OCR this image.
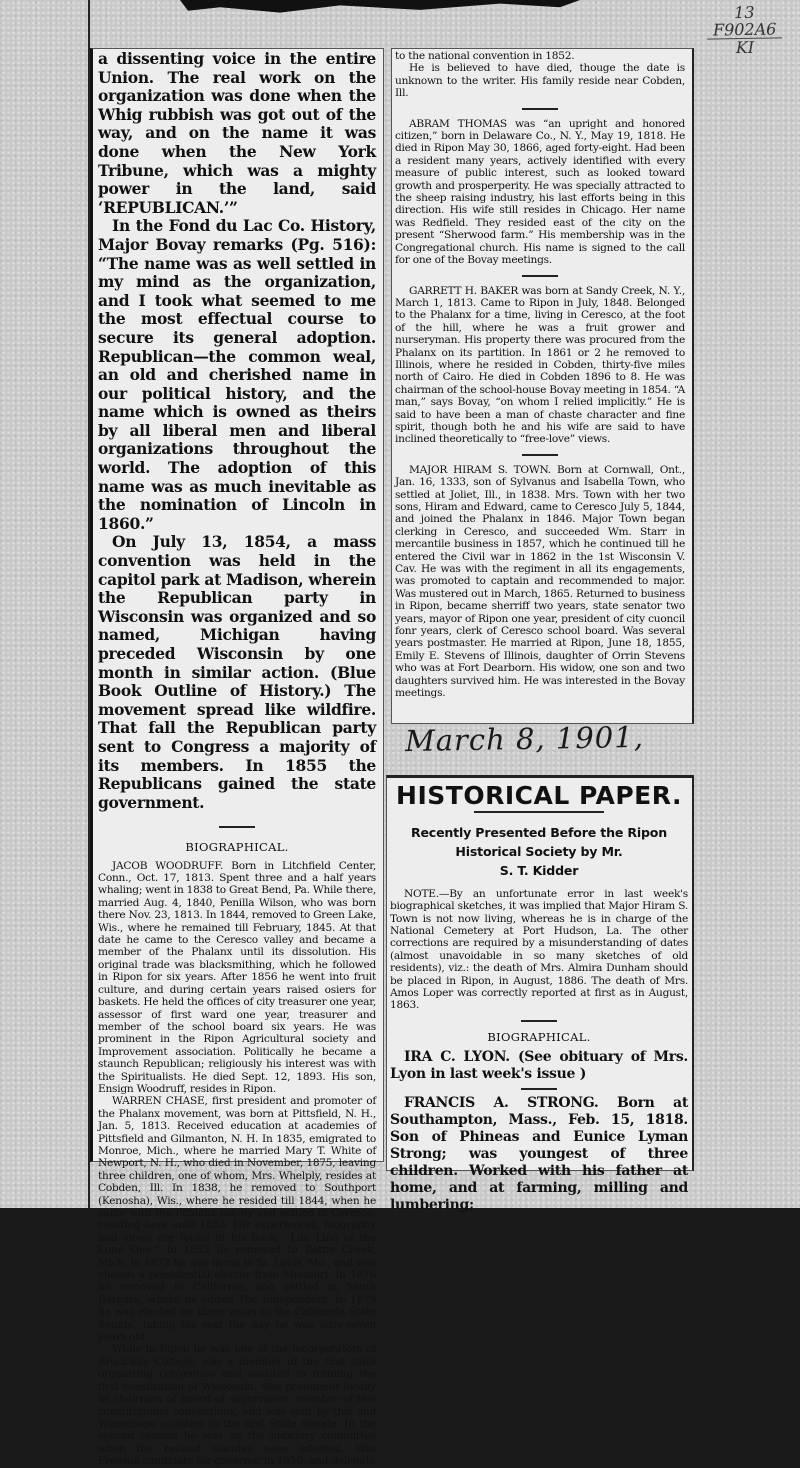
a dissenting voice in the entire Union. The real work on the organization was done when the Whig rubbish was got out of the way, and on the name it was done when the New York Tribune, which was a mighty power in the land, said ‘REPUBLICAN.’”

In the Fond du Lac Co. History, Major Bovay remarks (Pg. 516): “The name was as well settled in my mind as the organization, and I took what seemed to me the most effectual course to secure its general adoption. Republican—the common weal, an old and cherished name in our political history, and the name which is owned as theirs by all liberal men and liberal organizations throughout the world. The adoption of this name was as much inevitable as the nomination of Lincoln in 1860.”

On July 13, 1854, a mass convention was held in the capitol park at Madison, wherein the Republican party in Wisconsin was organized and so named, Michigan having preceded Wisconsin by one month in similar action. (Blue Book Outline of History.) The movement spread like wildfire. That fall the Republican party sent to Congress a majority of its members. In 1855 the Republicans gained the state government.

BIOGRAPHICAL.

JACOB WOODRUFF. Born in Litchfield Center, Conn., Oct. 17, 1813. Spent three and a half years whaling; went in 1838 to Great Bend, Pa. While there, married Aug. 4, 1840, Penilla Wilson, who was born there Nov. 23, 1813. In 1844, removed to Green Lake, Wis., where he remained till February, 1845. At that date he came to the Ceresco valley and became a member of the Phalanx until its dissolution. His original trade was blacksmithing, which he followed in Ripon for six years. After 1856 he went into fruit culture, and during certain years raised osiers for baskets. He held the offices of city treasurer one year, assessor of first ward one year, treasurer and member of the school board six years. He was prominent in the Ripon Agricultural society and Improvement association. Politically he became a staunch Republican; religiously his interest was with the Spiritualists. He died Sept. 12, 1893. His son, Ensign Woodruff, resides in Ripon.

WARREN CHASE, first president and promoter of the Phalanx movement, was born at Pittsfield, N. H., Jan. 5, 1813. Received education at academies of Pittsfield and Gilmanton, N. H. In 1835, emigrated to Monroe, Mich., where he married Mary T. White of Newport, N. H., who died in November, 1875, leaving three children, one of whom, Mrs. Whelply, resides at Cobden, Ill. In 1838, he removed to Southport (Kenosha), Wis., where he resided till 1844, when he came with the Phalanx colony and settled in Ceresco, residing here until 1853. His experiences, biography and views are found in his book, “Life Line of the Lone One.” In 1853 he removed to Battle Creek, Mich. In 1872 he was living in St. Louis, Mo., and was chosen a presidential elector from Missouri. In 1876 he removed to California, and settled in Santa Barbara, where he edited The Independent. In 1879 he was elected for three years to the California State Senate, taking his seat the day he was sixty-seven years old.

While in Ripon he was one of the incorporators of Brockway College, was a member of the first state organizing convention and assisted in framing the first constitution of Wisconsin. Was prominent locally as chairman of board of supervisors, member of two constitutional conventions, and was sent by this and Winnebago counties to the first State Senate. In the second session he was on the judiciary committee when the revised statutes were adopted. Was Freesoil candidate for governor in 1850, and delegate

to the national convention in 1852.

He is believed to have died, thouge the date is unknown to the writer. His family reside near Cobden, Ill.

ABRAM THOMAS was “an upright and honored citizen,” born in Delaware Co., N. Y., May 19, 1818. He died in Ripon May 30, 1866, aged forty-eight. Had been a resident many years, actively identified with every measure of public interest, such as looked toward growth and prosperperity. He was specially attracted to the sheep raising industry, his last efforts being in this direction. His wife still resides in Chicago. Her name was Redfield. They resided east of the city on the present “Sherwood farm.” His membership was in the Congregational church. His name is signed to the call for one of the Bovay meetings.

GARRETT H. BAKER was born at Sandy Creek, N. Y., March 1, 1813. Came to Ripon in July, 1848. Belonged to the Phalanx for a time, living in Ceresco, at the foot of the hill, where he was a fruit grower and nurseryman. His property there was procured from the Phalanx on its partition. In 1861 or 2 he removed to Illinois, where he resided in Cobden, thirty-five miles north of Cairo. He died in Cobden 1896 to 8. He was chairman of the school-house Bovay meeting in 1854. “A man,” says Bovay, “on whom I relied implicitly.” He is said to have been a man of chaste character and fine spirit, though both he and his wife are said to have inclined theoretically to “free-love” views.

MAJOR HIRAM S. TOWN. Born at Cornwall, Ont., Jan. 16, 1333, son of Sylvanus and Isabella Town, who settled at Joliet, Ill., in 1838. Mrs. Town with her two sons, Hiram and Edward, came to Ceresco July 5, 1844, and joined the Phalanx in 1846. Major Town began clerking in Ceresco, and succeeded Wm. Starr in mercantile business in 1857, which he continued till he entered the Civil war in 1862 in the 1st Wisconsin V. Cav. He was with the regiment in all its engagements, was promoted to captain and recommended to major. Was mustered out in March, 1865. Returned to business in Ripon, became sherriff two years, state senator two years, mayor of Ripon one year, president of city cuoncil fonr years, clerk of Ceresco school board. Was several years postmaster. He married at Ripon, June 18, 1855, Emily E. Stevens of Illinois, daughter of Orrin Stevens who was at Fort Dearborn. His widow, one son and two daughters survived him. He was interested in the Bovay meetings.

March 8, 1901,
13
F902A6
KI
HISTORICAL PAPER.
Recently Presented Before the Ripon
Historical Society by Mr.
S. T. Kidder

NOTE.—By an unfortunate error in last week's biographical sketches, it was implied that Major Hiram S. Town is not now living, whereas he is in charge of the National Cemetery at Port Hudson, La. The other corrections are required by a misunderstanding of dates (almost unavoidable in so many sketches of old residents), viz.: the death of Mrs. Almira Dunham should be placed in Ripon, in August, 1886. The death of Mrs. Amos Loper was correctly reported at first as in August, 1863.

BIOGRAPHICAL.

IRA C. LYON. (See obituary of Mrs. Lyon in last week's issue )

FRANCIS A. STRONG. Born at Southampton, Mass., Feb. 15, 1818. Son of Phineas and Eunice Lyman Strong; was youngest of three children. Worked with his father at home, and at farming, milling and lumbering;
